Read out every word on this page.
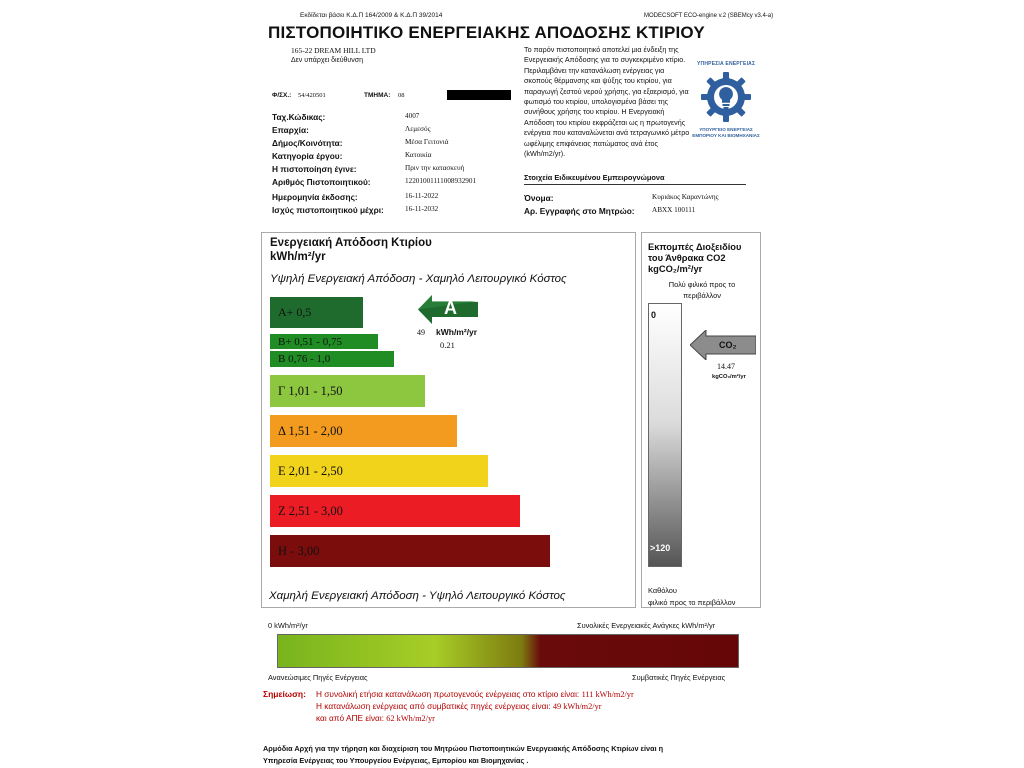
Εκδίδεται βάσει Κ.Δ.Π 164/2009 & Κ.Δ.Π 39/2014	MODECSOFT ECO-engine v.2 (SBEMcy v3.4-a)
ΠΙΣΤΟΠΟΙΗΤΙΚΟ ΕΝΕΡΓΕΙΑΚΗΣ ΑΠΟΔΟΣΗΣ ΚΤΙΡΙΟΥ
165-22 DREAM HILL LTD
Δεν υπάρχει διεύθυνση
Το παρόν πιστοποιητικό αποτελεί μια ένδειξη της Ενεργειακής Απόδοσης για το συγκεκριμένο κτίριο. Περιλαμβάνει την κατανάλωση ενέργειας για σκοπούς θέρμανσης και ψύξης του κτιρίου, για παραγωγή ζεστού νερού χρήσης, για εξαερισμό, για φωτισμό του κτιρίου, υπολογισμένα βάσει της συνήθους χρήσης του κτιρίου. Η Ενεργειακή Απόδοση του κτιρίου εκφράζεται ως η πρωτογενής ενέργεια που καταναλώνεται ανά τετραγωνικό μέτρο ωφέλιμης επιφάνειας πατώματος ανά έτος (kWh/m2/yr).
ΥΠΗΡΕΣΙΑ ΕΝΕΡΓΕΙΑΣ
ΥΠΟΥΡΓΕΙΟ ΕΝΕΡΓΕΙΑΣ
ΕΜΠΟΡΙΟΥ ΚΑΙ ΒΙΟΜΗΧΑΝΙΑΣ
Φ/ΣΧ.: 54/420501	ΤΜΗΜΑ: 08
Ταχ.Κώδικας:	4007
Επαρχία:	Λεμεσός
Δήμος/Κοινότητα:	Μέσα Γειτονιά
Κατηγορία έργου:	Κατοικία
Η πιστοποίηση έγινε:	Πριν την κατασκευή
Αριθμός Πιστοποιητικού:	12201001111008932901
Ημερομηνία έκδοσης:	16-11-2022
Ισχύς πιστοποιητικού μέχρι:	16-11-2032
Στοιχεία Ειδικευμένου Εμπειρογνώμονα
Όνομα:	Κυριάκος Καραντώνης
Αρ. Εγγραφής στο Μητρώο: ABXX 100111
Ενεργειακή Απόδοση Κτιρίου
kWh/m²/yr
Υψηλή Ενεργειακή Απόδοση - Χαμηλό Λειτουργικό Κόστος
Α+ 0,5
Β+ 0,51 - 0,75
Β 0,76 - 1,0
Γ 1,01 - 1,50
Δ 1,51 - 2,00
Ε 2,01 - 2,50
Ζ 2,51 - 3,00
Η - 3,00
Χαμηλή Ενεργειακή Απόδοση - Υψηλό Λειτουργικό Κόστος
A
49 kWh/m²/yr
0.21
Εκπομπές Διοξειδίου
του Άνθρακα CO2
kgCO₂/m²/yr
Πολύ φιλικό προς το
περιβάλλον
0
>120
CO₂
14.47
kgCO₂/m²/yr
Καθόλου
φιλικό προς το περιβάλλον
0 kWh/m²/yr	Συνολικές Ενεργειακές Ανάγκες kWh/m²/yr
Ανανεώσιμες Πηγές Ενέργειας	Συμβατικές Πηγές Ενέργειας
Σημείωση: Η συνολική ετήσια κατανάλωση πρωτογενούς ενέργειας στο κτίριο είναι: 111 kWh/m2/yr
Η κατανάλωση ενέργειας από συμβατικές πηγές ενέργειας είναι: 49 kWh/m2/yr
και από ΑΠΕ είναι: 62 kWh/m2/yr
Αρμόδια Αρχή για την τήρηση και διαχείριση του Μητρώου Πιστοποιητικών Ενεργειακής Απόδοσης Κτιρίων είναι η
Υπηρεσία Ενέργειας του Υπουργείου Ενέργειας, Εμπορίου και Βιομηχανίας .
